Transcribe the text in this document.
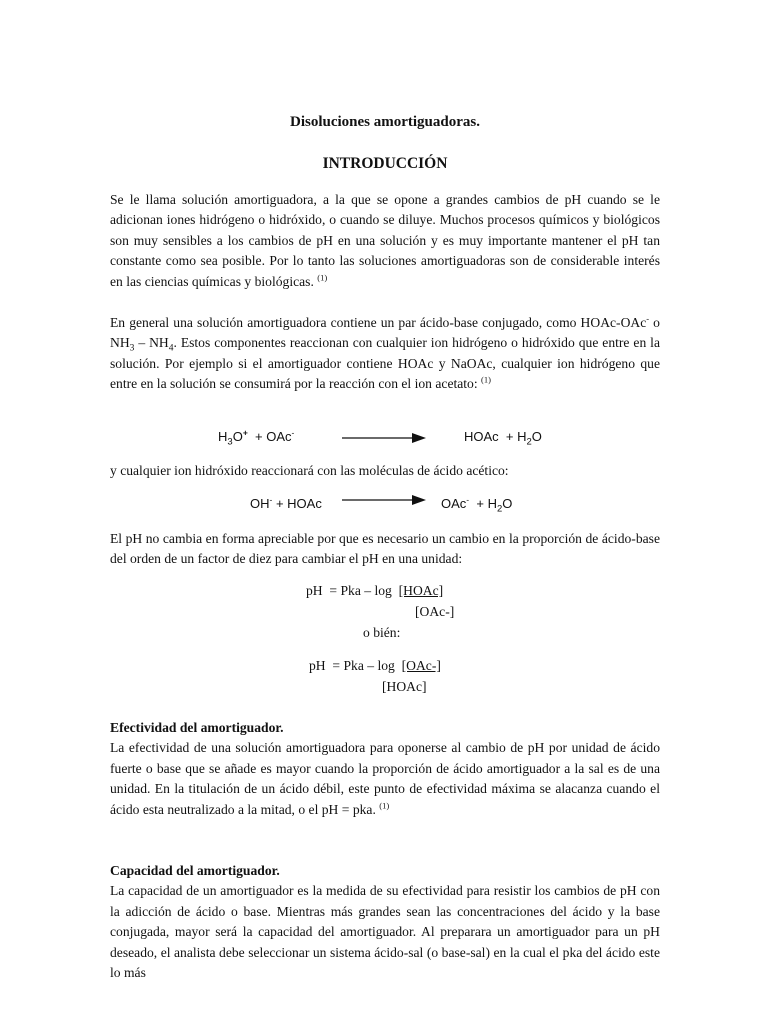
Disoluciones amortiguadoras.
INTRODUCCIÓN

Se le llama solución amortiguadora, a la que se opone a grandes cambios de pH cuando se le adicionan iones hidrógeno o hidróxido, o cuando se diluye. Muchos procesos químicos y biológicos son muy sensibles a los cambios de pH en una solución y es muy importante mantener el pH tan constante como sea posible. Por lo tanto las soluciones amortiguadoras son de considerable interés en las ciencias químicas y biológicas. $^{(1)}$

En general una solución amortiguadora contiene un par ácido-base conjugado, como HOAc-OAc- o $NH_3 - NH_4$. Estos componentes reaccionan con cualquier ion hidrógeno o hidróxido que entre en la solución. Por ejemplo si el amortiguador contiene HOAc y NaOAc, cualquier ion hidrógeno que entre en la solución se consumirá por la reacción con el ion acetato: $^{(1)}$

$H_3O^+ + OAc^-$	HOAc  + $H_2O$

y cualquier ion hidróxido reaccionará con las moléculas de ácido acético:

OH- + HOAc	$OAc^- + H_2O$

El pH no cambia en forma apreciable por que es necesario un cambio en la proporción de ácido-base del orden de un factor de diez para cambiar el pH en una unidad:

pH  = Pka – log  [HOAc]
[OAc-]
o bién:
pH  = Pka – log  [OAc-]
[HOAc]

Efectividad del amortiguador.
La efectividad de una solución amortiguadora para oponerse al cambio de pH por unidad de ácido fuerte o base que se añade es mayor cuando la proporción de ácido amortiguador a la sal es de una unidad. En la titulación de un ácido débil, este punto de efectividad máxima se alacanza cuando el ácido esta neutralizado a la mitad, o el pH = pka. $^{(1)}$

Capacidad del amortiguador.
La capacidad de un amortiguador es la medida de su efectividad para resistir los cambios de pH con la adicción de ácido o base. Mientras más grandes sean las concentraciones del ácido y la base conjugada, mayor será la capacidad del amortiguador. Al preparara un amortiguador para un pH deseado, el analista debe seleccionar un sistema ácido-sal (o base-sal) en la cual el pka del ácido este lo más
